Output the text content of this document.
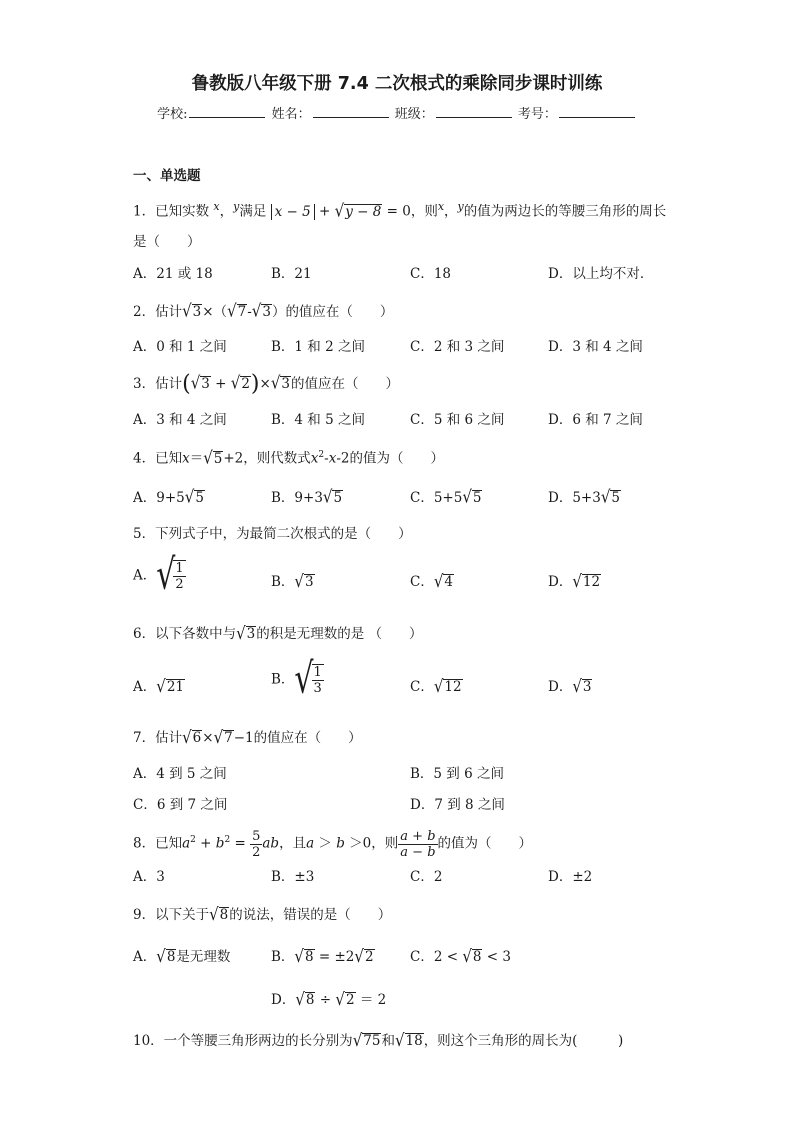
鲁教版八年级下册 7.4 二次根式的乘除同步课时训练
学校:	姓名：	班级：	考号：
一、单选题
1．已知实数 $^x$，$^y$满足 x − 5 + √y − 8 = 0，则$^x$，$^y$的值为两边长的等腰三角形的周长
是（　　）
A．21 或 18	B．21	C．18	D．以上均不对．
2．估计√3×（√7-√3）的值应在（　　）
A．0 和 1 之间	B．1 和 2 之间	C．2 和 3 之间	D．3 和 4 之间
3．估计(√3 + √2)×√3的值应在（　　）
A．3 和 4 之间	B．4 和 5 之间	C．5 和 6 之间	D．6 和 7 之间
4．已知x＝√5+2，则代数式$x^2-x-2$的值为（　　）
A．9+5√5	B．9+3√5	C．5+5√5	D．5+3√5
5．下列式子中，为最简二次根式的是（　　）
A．√
$\frac{1}{2}$	B．√3	C．√4	D．√12
6．以下各数中与√3的积是无理数的是 （　　）
A．√21	B．√
$\frac{1}{3}$	C．√12	D．√3
7．估计√6×√7−1的值应在（　　）
A．4 到 5 之间	B．5 到 6 之间
C．6 到 7 之间	D．7 到 8 之间
8．已知$a^2 + b^2 = \frac{5}{2}$ ab，且a ＞ b ＞0，则 $\frac{a + b}{a - b}$ 的值为（　　）
A．3	B．±3	C．2	D．±2
9．以下关于√8的说法，错误的是（　　）
A．√8是无理数	B．√8 = ±2√2	C．2 < √8 < 3
D．√8 ÷ √2 ＝ 2
10．一个等腰三角形两边的长分别为√75和√18，则这个三角形的周长为(　　　)
